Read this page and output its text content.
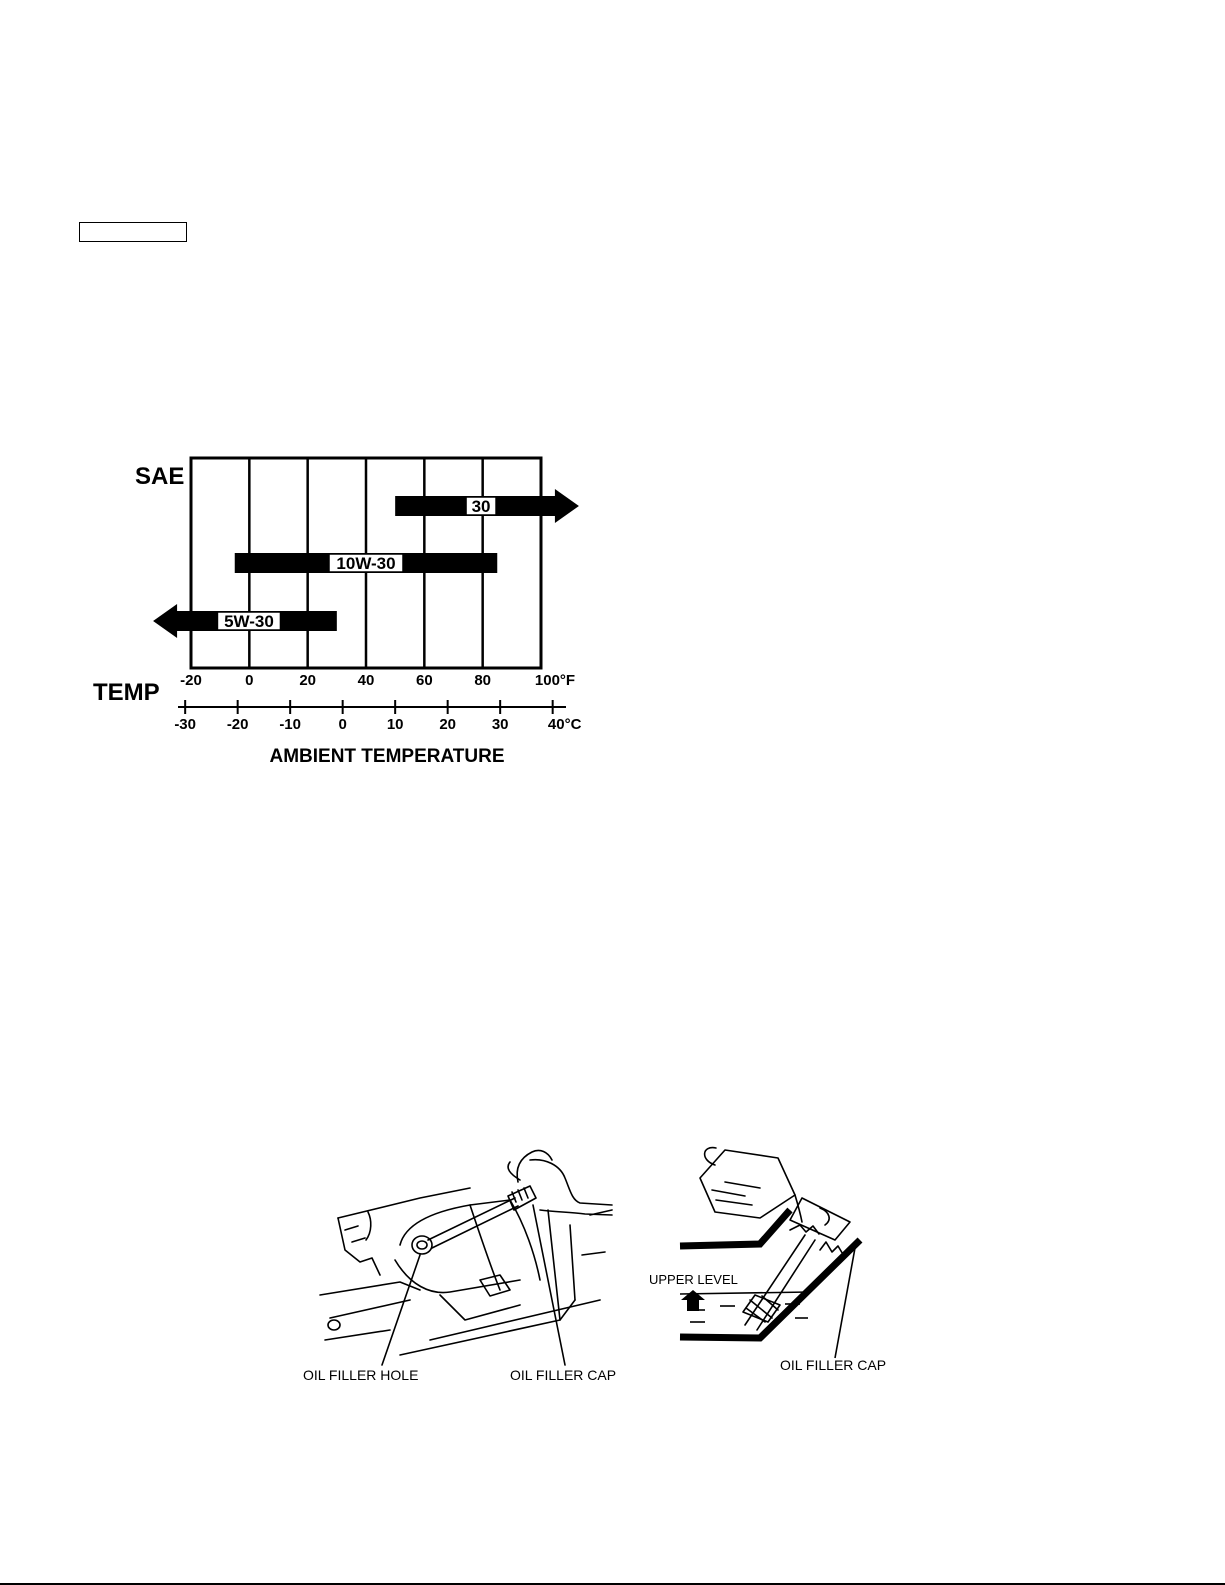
SAE
TEMP
30
10W-30
5W-30
-20	0	20	40	60	80	100°F
-30 -20 -10 0	10 20 30	40°C
AMBIENT TEMPERATURE
OIL FILLER HOLE	OIL FILLER CAP
UPPER LEVEL
OIL FILLER CAP
